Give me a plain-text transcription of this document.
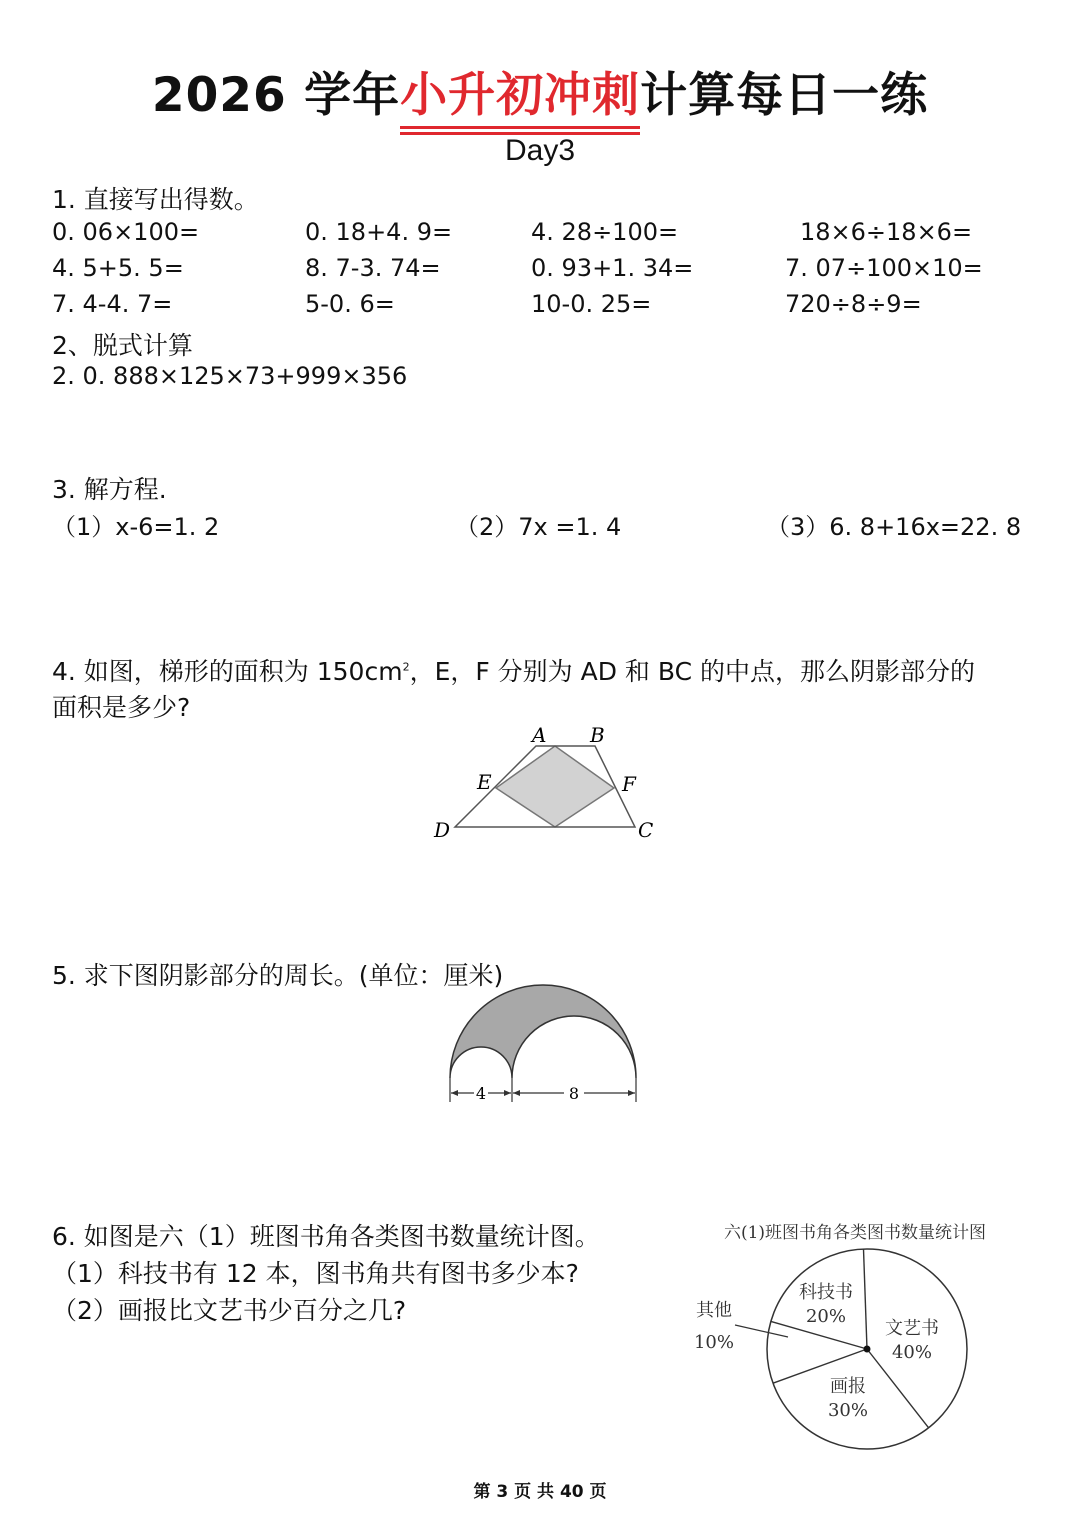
2026 学年小升初冲刺计算每日一练
Day3
1. 直接写出得数。
0. 06×100=	0. 18+4. 9=	4. 28÷100=	18×6÷18×6=
4. 5+5. 5=	8. 7-3. 74=	0. 93+1. 34=	7. 07÷100×10=
7. 4-4. 7=	5-0. 6=	10-0. 25=	720÷8÷9=
2、脱式计算
2. 0. 888×125×73+999×356
3. 解方程.
（1）x-6=1. 2	（2）7x =1. 4	（3）6. 8+16x=22. 8
4. 如图，梯形的面积为 $150cm^2$，E，F 分别为 AD 和 BC 的中点，那么阴影部分的
面积是多少?
A B
E	F
D	C
5. 求下图阴影部分的周长。(单位：厘米)
4	8
6. 如图是六（1）班图书角各类图书数量统计图。
（1）科技书有 12 本，图书角共有图书多少本?
（2）画报比文艺书少百分之几?
六(1)班图书角各类图书数量统计图
文艺书
40%
画报
30%
其他
10%
科技书
20%
第 3 页 共 40 页
